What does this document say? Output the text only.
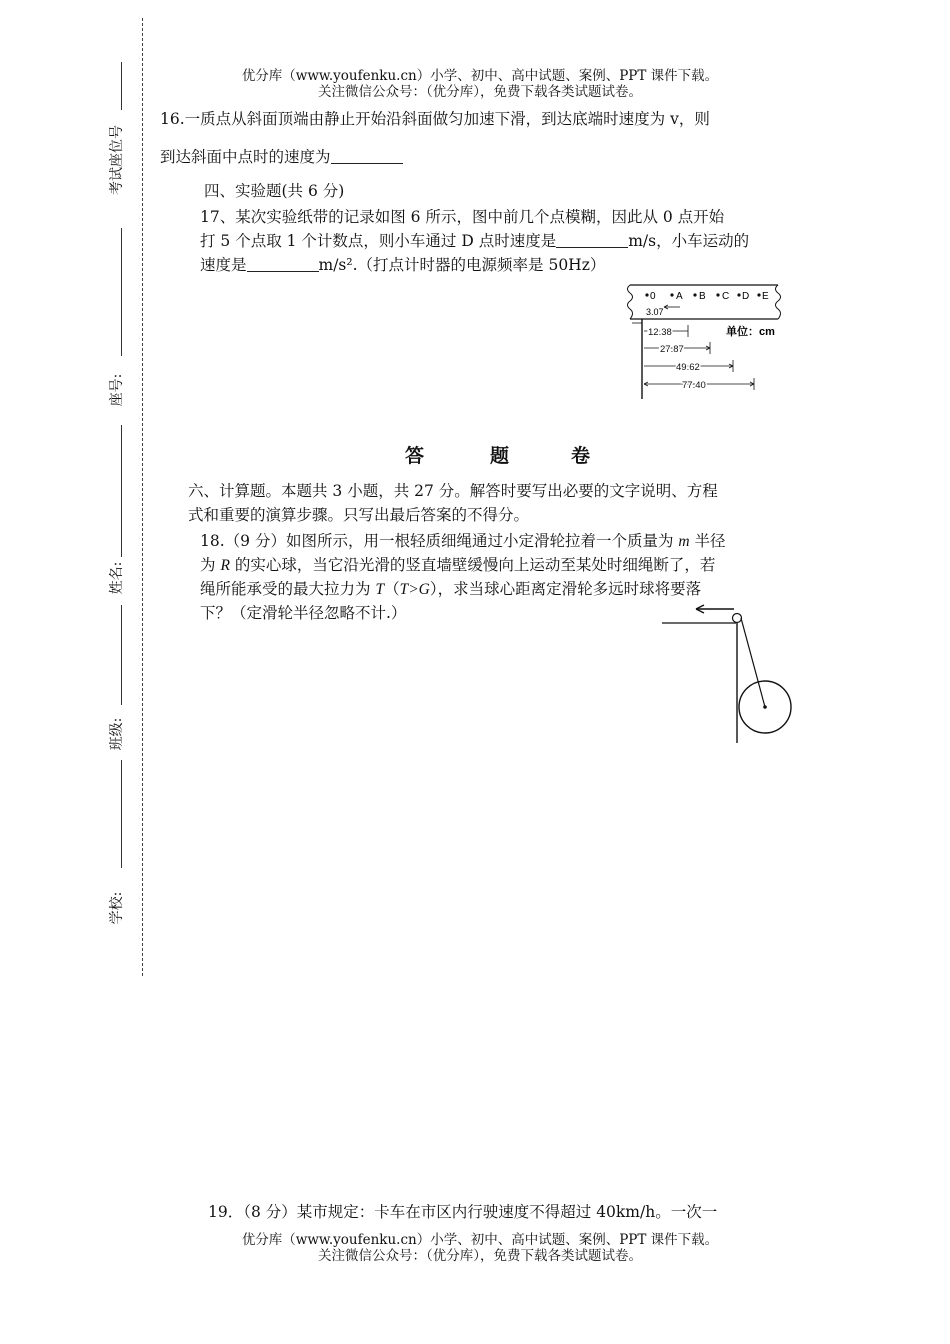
考试座位号
座号:
姓名:
班级:
学校:
优分库（www.youfenku.cn）小学、初中、高中试题、案例、PPT 课件下载。
关注微信公众号：（优分库），免费下载各类试题试卷。
16.一质点从斜面顶端由静止开始沿斜面做匀加速下滑，到达底端时速度为 v，则
到达斜面中点时的速度为
四、实验题(共 6 分)
17、某次实验纸带的记录如图 6 所示，图中前几个点模糊，因此从 0 点开始
打 5 个点取 1 个计数点，则小车通过 D 点时速度是	m/s，小车运动的
速度是	m/s².（打点计时器的电源频率是 50Hz）
0 A B C D E
3.07
12.38
27.87
49.62
77.40
单位：cm
答	题	卷
六、计算题。本题共 3 小题，共 27 分。解答时要写出必要的文字说明、方程
式和重要的演算步骤。只写出最后答案的不得分。
18.（9 分）如图所示，用一根轻质细绳通过小定滑轮拉着一个质量为 m 半径
为 R 的实心球，当它沿光滑的竖直墙壁缓慢向上运动至某处时细绳断了，若
绳所能承受的最大拉力为 T（T>G），求当球心距离定滑轮多远时球将要落
下？（定滑轮半径忽略不计.）
19．（8 分）某市规定：卡车在市区内行驶速度不得超过 40km/h。一次一
优分库（www.youfenku.cn）小学、初中、高中试题、案例、PPT 课件下载。
关注微信公众号：（优分库），免费下载各类试题试卷。
